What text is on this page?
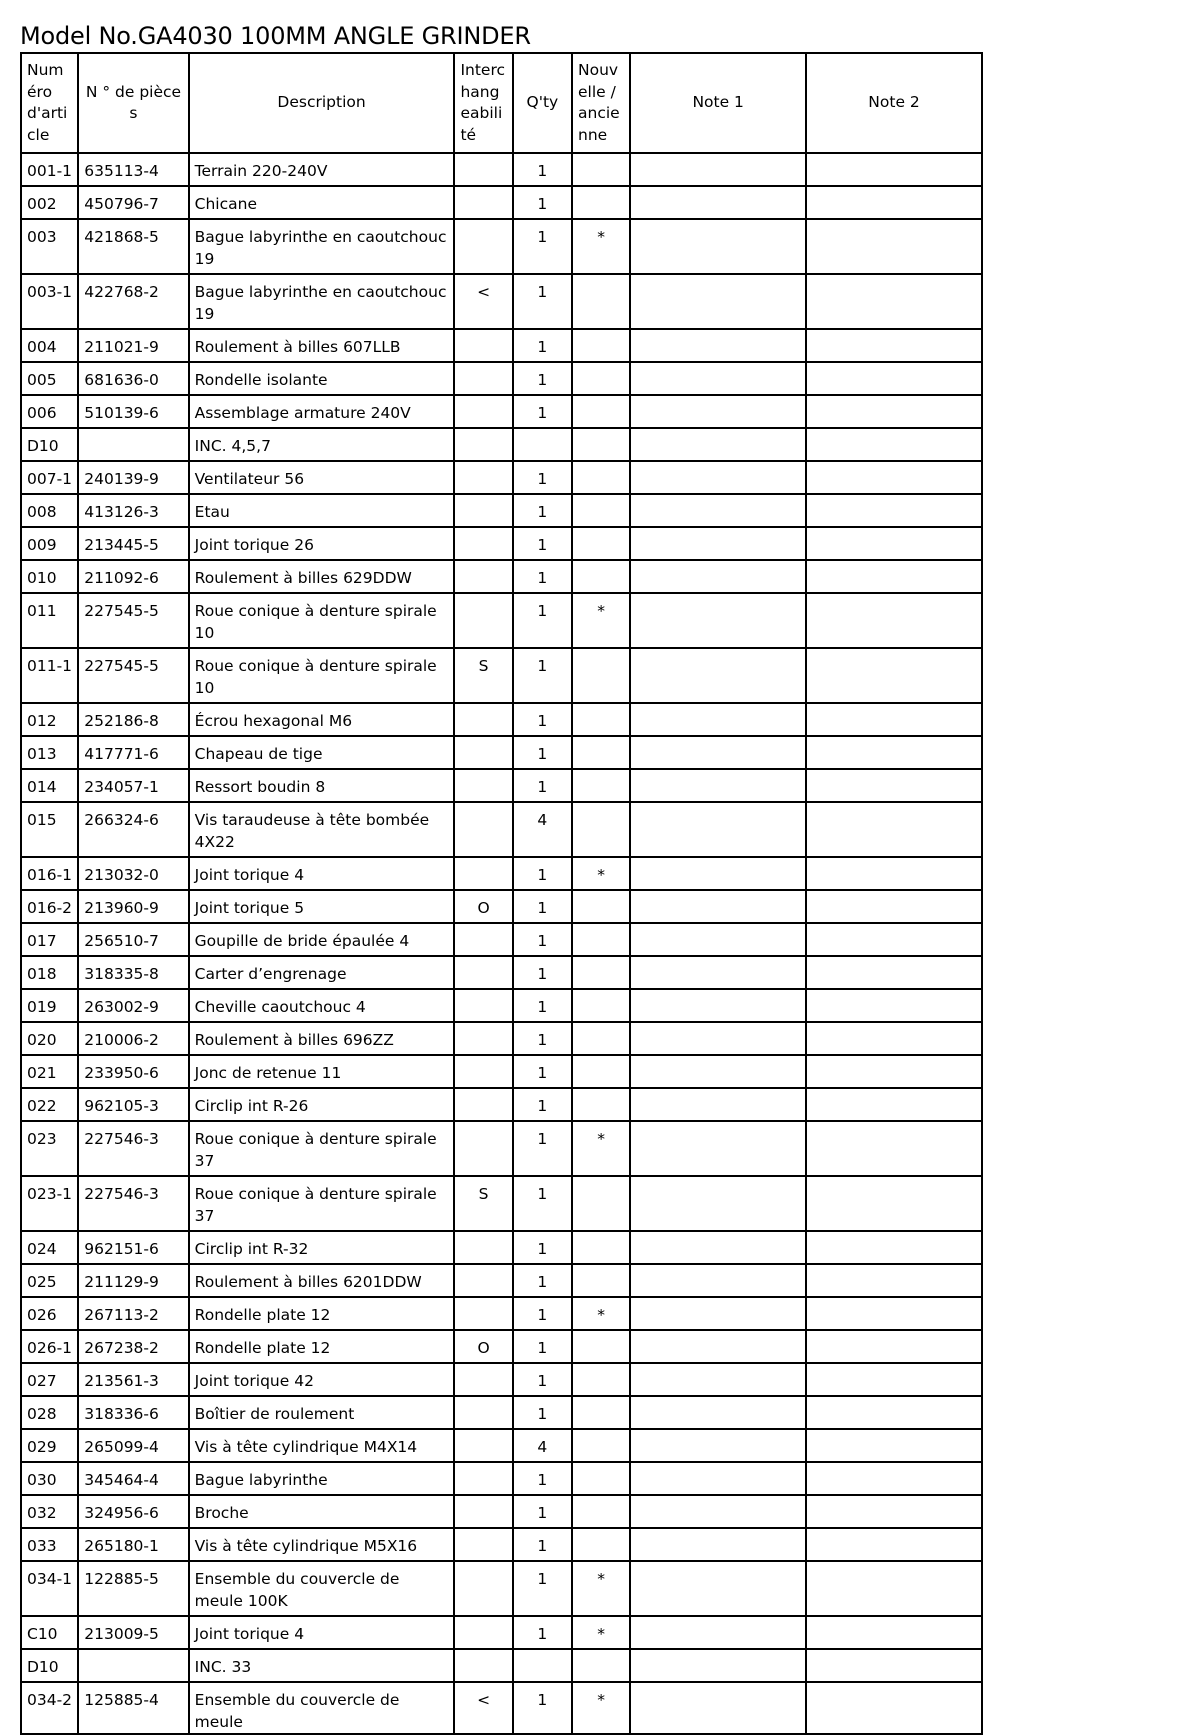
Model No.GA4030 100MM ANGLE GRINDER
Numéro d'article	N ° de pièces	Description	Interchangeabilité	Q'ty	Nouvelle / ancienne	Note 1	Note 2
001-1	635113-4	Terrain 220-240V		1			
002	450796-7	Chicane		1			
003	421868-5	Bague labyrinthe en caoutchouc 19		1	*		
003-1	422768-2	Bague labyrinthe en caoutchouc 19	<	1			
004	211021-9	Roulement à billes 607LLB		1			
005	681636-0	Rondelle isolante		1			
006	510139-6	Assemblage armature 240V		1			
D10		INC. 4,5,7					
007-1	240139-9	Ventilateur 56		1			
008	413126-3	Etau		1			
009	213445-5	Joint torique 26		1			
010	211092-6	Roulement à billes 629DDW		1			
011	227545-5	Roue conique à denture spirale 10		1	*		
011-1	227545-5	Roue conique à denture spirale 10	S	1			
012	252186-8	Écrou hexagonal M6		1			
013	417771-6	Chapeau de tige		1			
014	234057-1	Ressort boudin 8		1			
015	266324-6	Vis taraudeuse à tête bombée 4X22		4			
016-1	213032-0	Joint torique 4		1	*		
016-2	213960-9	Joint torique 5	O	1			
017	256510-7	Goupille de bride épaulée 4		1			
018	318335-8	Carter d’engrenage		1			
019	263002-9	Cheville caoutchouc 4		1			
020	210006-2	Roulement à billes 696ZZ		1			
021	233950-6	Jonc de retenue 11		1			
022	962105-3	Circlip int R-26		1			
023	227546-3	Roue conique à denture spirale 37		1	*		
023-1	227546-3	Roue conique à denture spirale 37	S	1			
024	962151-6	Circlip int R-32		1			
025	211129-9	Roulement à billes 6201DDW		1			
026	267113-2	Rondelle plate 12		1	*		
026-1	267238-2	Rondelle plate 12	O	1			
027	213561-3	Joint torique 42		1			
028	318336-6	Boîtier de roulement		1			
029	265099-4	Vis à tête cylindrique M4X14		4			
030	345464-4	Bague labyrinthe		1			
032	324956-6	Broche		1			
033	265180-1	Vis à tête cylindrique M5X16		1			
034-1	122885-5	Ensemble du couvercle de meule 100K		1	*		
C10	213009-5	Joint torique 4		1	*		
D10		INC. 33					
034-2	125885-4	Ensemble du couvercle de meule	<	1	*		
